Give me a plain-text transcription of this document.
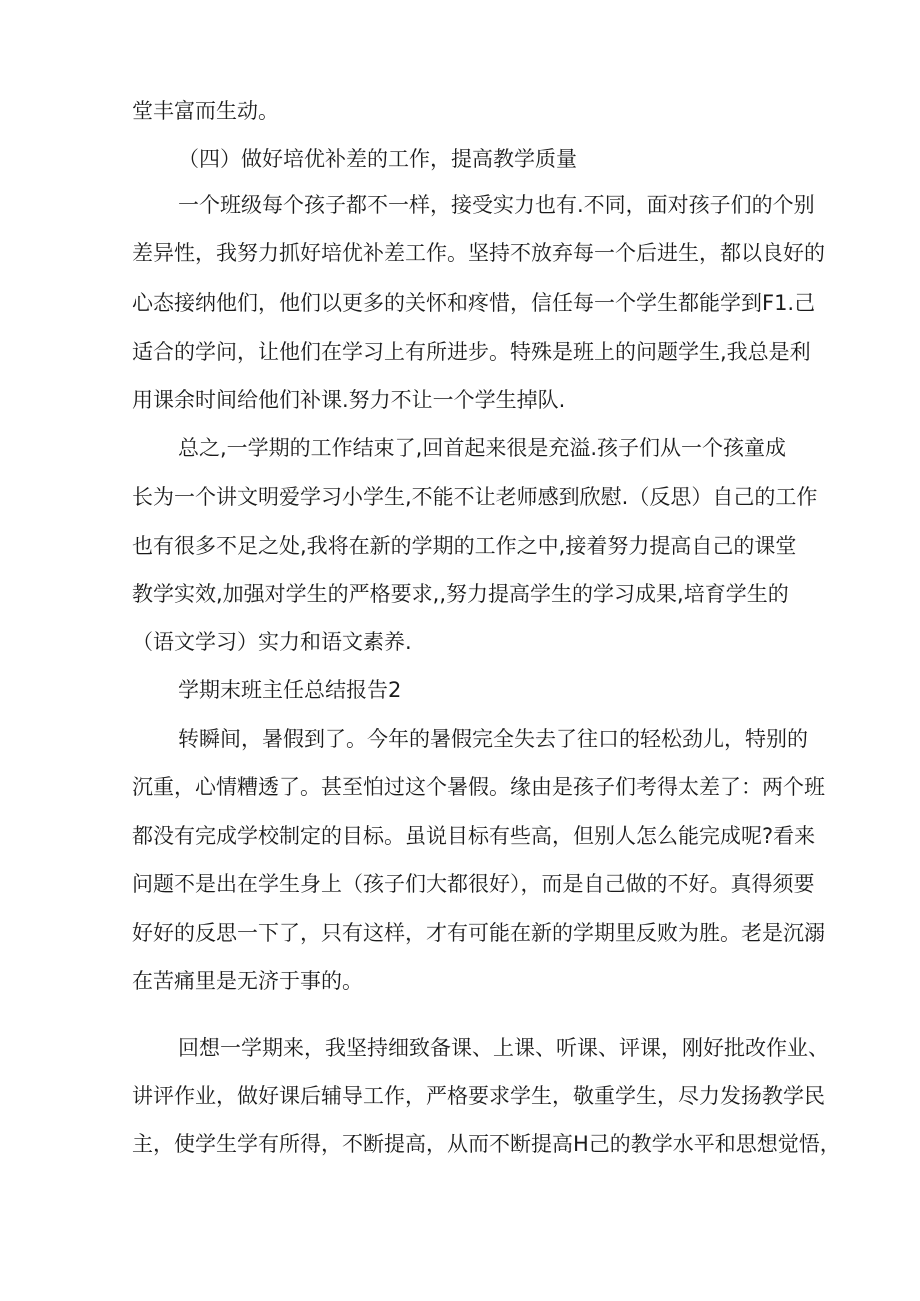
堂丰富而生动。
（四）做好培优补差的工作，提高教学质量
一个班级每个孩子都不一样，接受实力也有.不同，面对孩子们的个别
差异性，我努力抓好培优补差工作。坚持不放弃每一个后进生，都以良好的
心态接纳他们，他们以更多的关怀和疼惜，信任每一个学生都能学到F1.己
适合的学问，让他们在学习上有所进步。特殊是班上的问题学生,我总是利
用课余时间给他们补课.努力不让一个学生掉队.
总之,一学期的工作结束了,回首起来很是充溢.孩子们从一个孩童成
长为一个讲文明爱学习小学生,不能不让老师感到欣慰.（反思）自己的工作
也有很多不足之处,我将在新的学期的工作之中,接着努力提高自己的课堂
教学实效,加强对学生的严格要求,,努力提高学生的学习成果,培育学生的
（语文学习）实力和语文素养.
学期末班主任总结报告2
转瞬间，暑假到了。今年的暑假完全失去了往口的轻松劲儿，特别的
沉重，心情糟透了。甚至怕过这个暑假。缘由是孩子们考得太差了：两个班
都没有完成学校制定的目标。虽说目标有些高，但别人怎么能完成呢?看来
问题不是出在学生身上（孩子们大都很好），而是自己做的不好。真得须要
好好的反思一下了，只有这样，才有可能在新的学期里反败为胜。老是沉溺
在苦痛里是无济于事的。
回想一学期来，我坚持细致备课、上课、听课、评课，刚好批改作业、
讲评作业，做好课后辅导工作，严格要求学生，敬重学生，尽力发扬教学民
主，使学生学有所得，不断提高，从而不断提高H己的教学水平和思想觉悟，
